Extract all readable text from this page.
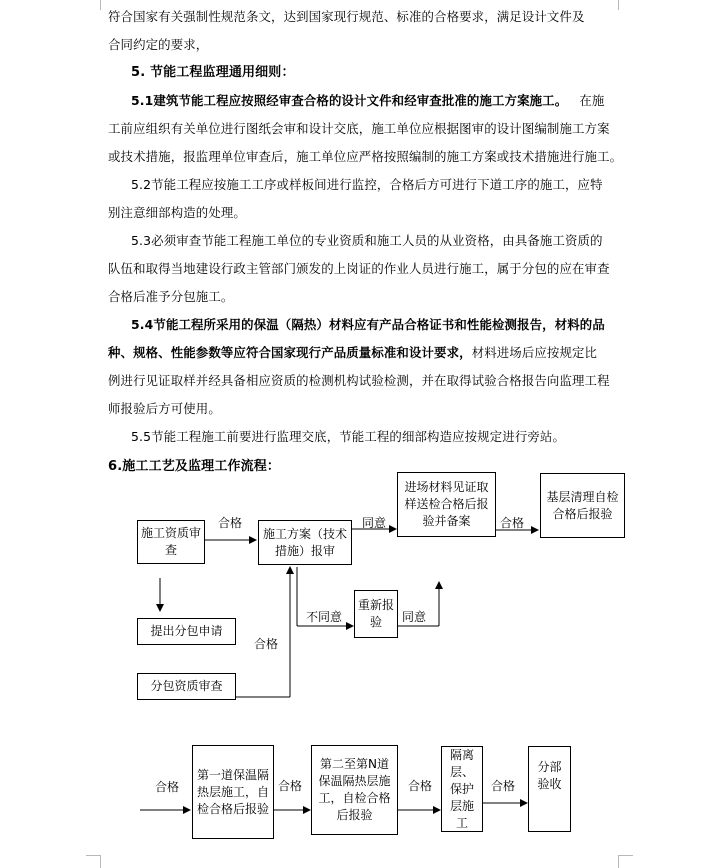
符合国家有关强制性规范条文，达到国家现行规范、标准的合格要求，满足设计文件及
合同约定的要求，
5. 节能工程监理通用细则：
5.1建筑节能工程应按照经审查合格的设计文件和经审查批准的施工方案施工。 在施
工前应组织有关单位进行图纸会审和设计交底，施工单位应根据图审的设计图编制施工方案
或技术措施，报监理单位审查后，施工单位应严格按照编制的施工方案或技术措施进行施工。
5.2节能工程应按施工工序或样板间进行监控，合格后方可进行下道工序的施工，应特
别注意细部构造的处理。
5.3必须审查节能工程施工单位的专业资质和施工人员的从业资格，由具备施工资质的
队伍和取得当地建设行政主管部门颁发的上岗证的作业人员进行施工，属于分包的应在审查
合格后准予分包施工。
5.4节能工程所采用的保温（隔热）材料应有产品合格证书和性能检测报告，材料的品
种、规格、性能参数等应符合国家现行产品质量标准和设计要求，材料进场后应按规定比
例进行见证取样并经具备相应资质的检测机构试验检测，并在取得试验合格报告向监理工程
师报验后方可使用。
5.5节能工程施工前要进行监理交底，节能工程的细部构造应按规定进行旁站。
6.施工工艺及监理工作流程：
施工资质审查
施工方案（技术措施）报审
进场材料见证取样送检合格后报验并备案
基层清理自检合格后报验
重新报验
提出分包申请
分包资质审查
第一道保温隔热层施工，自检合格后报验
第二至第N道保温隔热层施工，自检合格后报验
隔离层、保护层施工
分部验收
合格	同意	合格
不同意	同意
合格
合格	合格	合格	合格
